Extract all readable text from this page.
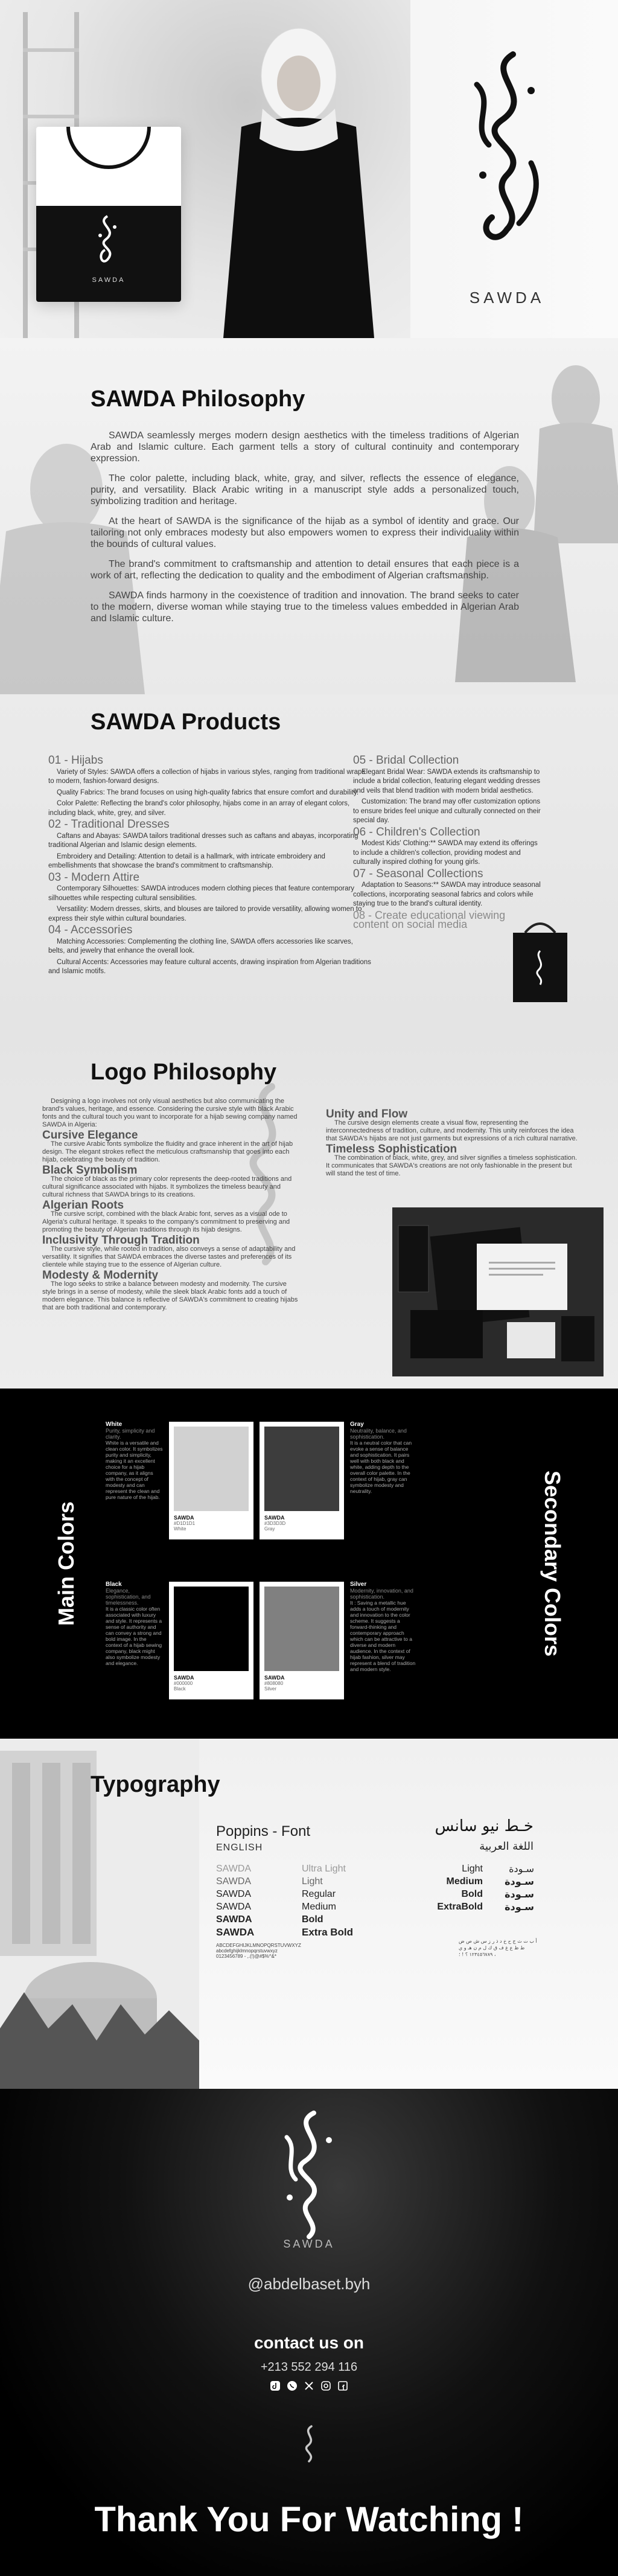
SAWDA
SAWDA
SAWDA Philosophy

SAWDA seamlessly merges modern design aesthetics with the timeless traditions of Algerian Arab and Islamic culture. Each garment tells a story of cultural continuity and contemporary expression.

The color palette, including black, white, gray, and silver, reflects the essence of elegance, purity, and versatility. Black Arabic writing in a manuscript style adds a personalized touch, symbolizing tradition and heritage.

At the heart of SAWDA is the significance of the hijab as a symbol of identity and grace. Our tailoring not only embraces modesty but also empowers women to express their individuality within the bounds of cultural values.

The brand's commitment to craftsmanship and attention to detail ensures that each piece is a work of art, reflecting the dedication to quality and the embodiment of Algerian craftsmanship.

SAWDA finds harmony in the coexistence of tradition and innovation. The brand seeks to cater to the modern, diverse woman while staying true to the timeless values embedded in Algerian Arab and Islamic culture.

SAWDA Products
01 - Hijabs

Variety of Styles: SAWDA offers a collection of hijabs in various styles, ranging from traditional wraps to modern, fashion-forward designs.

Quality Fabrics: The brand focuses on using high-quality fabrics that ensure comfort and durability.

Color Palette: Reflecting the brand's color philosophy, hijabs come in an array of elegant colors, including black, white, grey, and silver.

02 - Traditional Dresses

Caftans and Abayas: SAWDA tailors traditional dresses such as caftans and abayas, incorporating traditional Algerian and Islamic design elements.

Embroidery and Detailing: Attention to detail is a hallmark, with intricate embroidery and embellishments that showcase the brand's commitment to craftsmanship.

03 - Modern Attire

Contemporary Silhouettes: SAWDA introduces modern clothing pieces that feature contemporary silhouettes while respecting cultural sensibilities.

Versatility: Modern dresses, skirts, and blouses are tailored to provide versatility, allowing women to express their style within cultural boundaries.

04 - Accessories

Matching Accessories: Complementing the clothing line, SAWDA offers accessories like scarves, belts, and jewelry that enhance the overall look.

Cultural Accents: Accessories may feature cultural accents, drawing inspiration from Algerian traditions and Islamic motifs.

05 - Bridal Collection

Elegant Bridal Wear: SAWDA extends its craftsmanship to include a bridal collection, featuring elegant wedding dresses and veils that blend tradition with modern bridal aesthetics.

Customization: The brand may offer customization options to ensure brides feel unique and culturally connected on their special day.

06 - Children's Collection

Modest Kids' Clothing:** SAWDA may extend its offerings to include a children's collection, providing modest and culturally inspired clothing for young girls.

07 - Seasonal Collections

Adaptation to Seasons:** SAWDA may introduce seasonal collections, incorporating seasonal fabrics and colors while staying true to the brand's cultural identity.

08 - Create educational viewing content on social media
Logo Philosophy

Designing a logo involves not only visual aesthetics but also communicating the brand's values, heritage, and essence. Considering the cursive style with black Arabic fonts and the cultural touch you want to incorporate for a hijab sewing company named SAWDA in Algeria:

Cursive Elegance

The cursive Arabic fonts symbolize the fluidity and grace inherent in the art of hijab design. The elegant strokes reflect the meticulous craftsmanship that goes into each hijab, celebrating the beauty of tradition.

Black Symbolism

The choice of black as the primary color represents the deep-rooted traditions and cultural significance associated with hijabs. It symbolizes the timeless beauty and cultural richness that SAWDA brings to its creations.

Algerian Roots

The cursive script, combined with the black Arabic font, serves as a visual ode to Algeria's cultural heritage. It speaks to the company's commitment to preserving and promoting the beauty of Algerian traditions through its hijab designs.

Inclusivity Through Tradition

The cursive style, while rooted in tradition, also conveys a sense of adaptability and versatility. It signifies that SAWDA embraces the diverse tastes and preferences of its clientele while staying true to the essence of Algerian culture.

Modesty & Modernity

The logo seeks to strike a balance between modesty and modernity. The cursive style brings in a sense of modesty, while the sleek black Arabic fonts add a touch of modern elegance. This balance is reflective of SAWDA's commitment to creating hijabs that are both traditional and contemporary.

Unity and Flow

The cursive design elements create a visual flow, representing the interconnectedness of tradition, culture, and modernity. This unity reinforces the idea that SAWDA's hijabs are not just garments but expressions of a rich cultural narrative.

Timeless Sophistication

The combination of black, white, grey, and silver signifies a timeless sophistication. It communicates that SAWDA's creations are not only fashionable in the present but will stand the test of time.

Main Colors	Secondary Colors
White
Purity, simplicity and clarity.
White is a versatile and clean color. It symbolizes purity and simplicity, making it an excellent choice for a hijab company, as it aligns with the concept of modesty and can represent the clean and pure nature of the hijab.
SAWDA
#D1D1D1
White
SAWDA
#3D3D3D
Gray
Gray
Neutrality, balance, and sophistication.
It is a neutral color that can evoke a sense of balance and sophistication. It pairs well with both black and white, adding depth to the overall color palette. In the context of hijab, gray can symbolize modesty and neutrality.
Black
Elegance, sophistication, and timelessness.
It is a classic color often associated with luxury and style. It represents a sense of authority and can convey a strong and bold image. In the context of a hijab sewing company, black might also symbolize modesty and elegance.
SAWDA
#000000
Black
SAWDA
#808080
Silver
Silver
Modernity, innovation, and sophistication.
It : Saving a metallic hue adds a touch of modernity and innovation to the color scheme. It suggests a forward-thinking and contemporary approach which can be attractive to a diverse and modern audience. In the context of hijab fashion, silver may represent a blend of tradition and modern style.
Typography
Poppins - Font
ENGLISH
SAWDA
SAWDA
SAWDA
SAWDA
SAWDA
SAWDA
Ultra Light
Light
Regular
Medium
Bold
Extra Bold
ABCDEFGHIJKLMNOPQRSTUVWXYZ
abcdefghijklmnopqrstuvwxyz
0123456789 - ,.(!)@#$%^&*
خـط نيو سانس
اللغة العربية
Light
Medium
Bold
ExtraBold
سـودة
سـودة
سـودة
سـودة
أ ب ت ث ج ح خ د ذ ر ز س ش ص ض ط ظ ع غ ف ق ك ل م ن هـ و ي ١٢٣٤٥٦٧٨٩ ؟ ! ؛ ،
SAWDA
@abdelbaset.byh
contact us on
+213 552 294 116
Thank You For Watching !
